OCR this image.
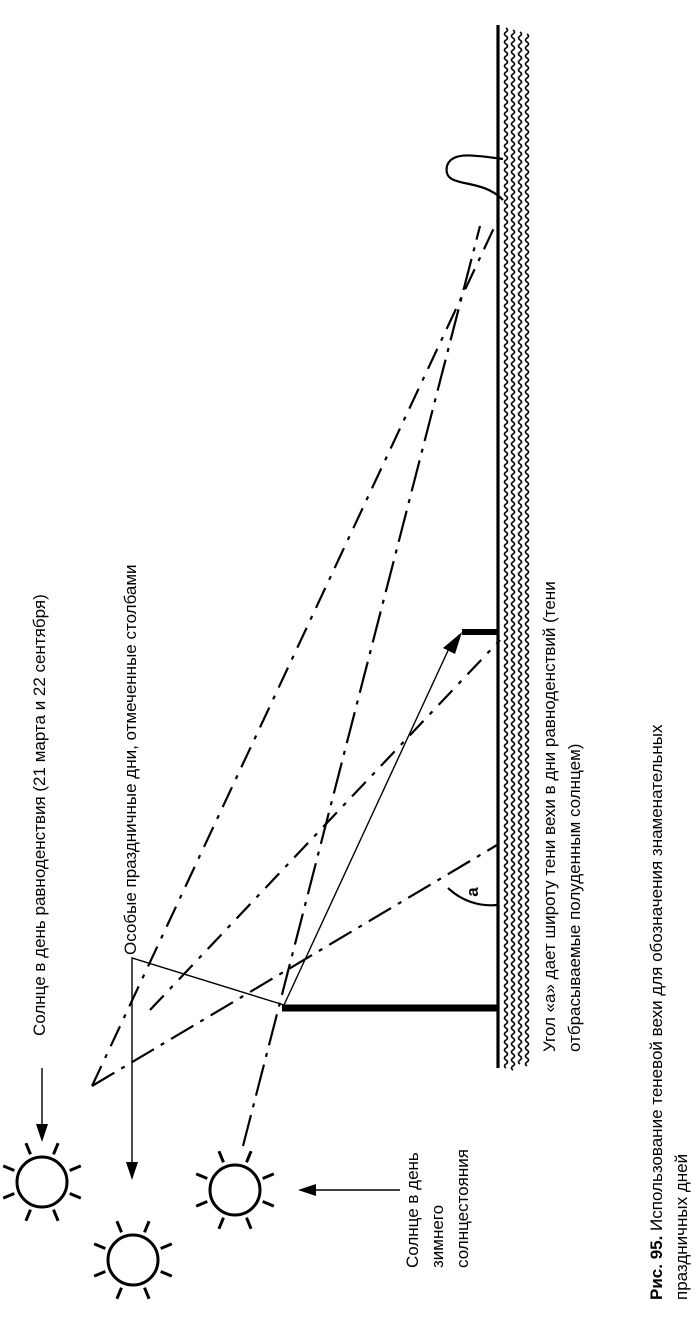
a
Солнце в день равноденствия (21 марта и 22 сентября)	Особые праздничные дни, отмеченные столбами
Солнце в день зимнего солнцестояния
Угол «a» дает широту тени вехи в дни равноденствий (тени отбрасываемые полуденным солнцем)
Рис. 95. Использование теневой вехи для обозначения знаменательных праздничных дней
